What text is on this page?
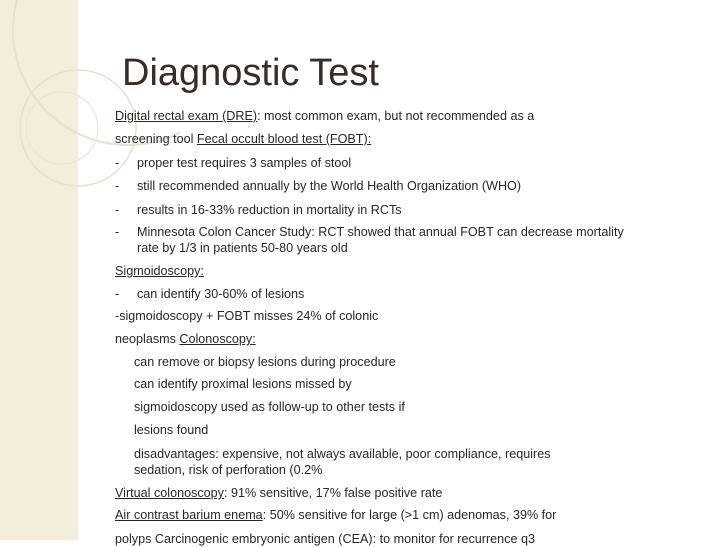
Diagnostic Test
Digital rectal exam (DRE): most common exam, but not recommended as a
screening tool Fecal occult blood test (FOBT):
- proper test requires 3 samples of stool
- still recommended annually by the World Health Organization (WHO)
- results in 16-33% reduction in mortality in RCTs
- Minnesota Colon Cancer Study: RCT showed that annual FOBT can decrease mortality
rate by 1/3 in patients 50-80 years old
Sigmoidoscopy:
- can identify 30-60% of lesions
-sigmoidoscopy + FOBT misses 24% of colonic
neoplasms Colonoscopy:
can remove or biopsy lesions during procedure
can identify proximal lesions missed by
sigmoidoscopy used as follow-up to other tests if
lesions found
disadvantages: expensive, not always available, poor compliance, requires
sedation, risk of perforation (0.2%
Virtual colonoscopy: 91% sensitive, 17% false positive rate
Air contrast barium enema: 50% sensitive for large (>1 cm) adenomas, 39% for
polyps Carcinogenic embryonic antigen (CEA): to monitor for recurrence q3
